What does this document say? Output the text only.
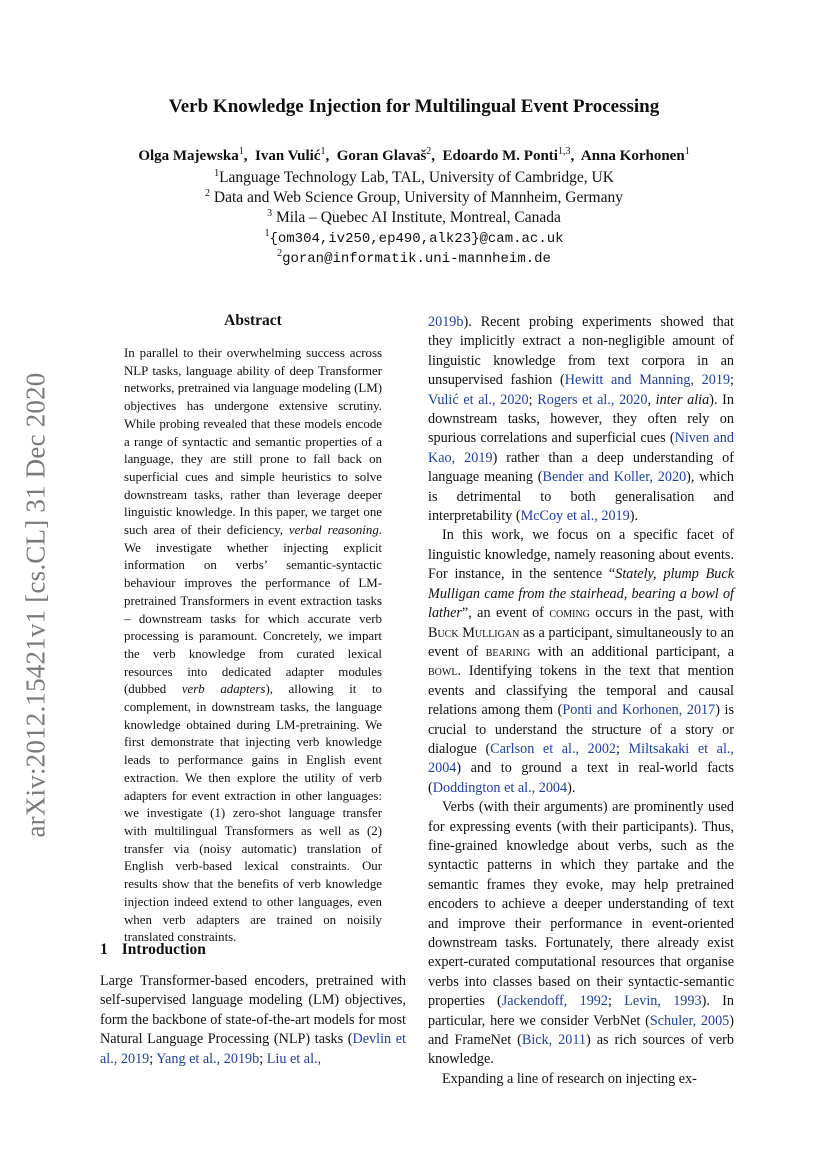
arXiv:2012.15421v1 [cs.CL] 31 Dec 2020
Verb Knowledge Injection for Multilingual Event Processing
Olga Majewska$^1$,  Ivan Vulić$^1$,  Goran Glavaš$^2$,  Edoardo M. Ponti$^{1,3}$,  Anna Korhonen$^1$
$^1$Language Technology Lab, TAL, University of Cambridge, UK
$^2$ Data and Web Science Group, University of Mannheim, Germany
$^3$ Mila – Quebec AI Institute, Montreal, Canada
$^1${om304,iv250,ep490,alk23}@cam.ac.uk
$^2$goran@informatik.uni-mannheim.de
Abstract
In parallel to their overwhelming success across NLP tasks, language ability of deep Transformer networks, pretrained via language modeling (LM) objectives has undergone extensive scrutiny. While probing revealed that these models encode a range of syntactic and semantic properties of a language, they are still prone to fall back on superficial cues and simple heuristics to solve downstream tasks, rather than leverage deeper linguistic knowledge. In this paper, we target one such area of their deficiency, verbal reasoning. We investigate whether injecting explicit information on verbs’ semantic-syntactic behaviour improves the performance of LM-pretrained Transformers in event extraction tasks – downstream tasks for which accurate verb processing is paramount. Concretely, we impart the verb knowledge from curated lexical resources into dedicated adapter modules (dubbed verb adapters), allowing it to complement, in downstream tasks, the language knowledge obtained during LM-pretraining. We first demonstrate that injecting verb knowledge leads to performance gains in English event extraction. We then explore the utility of verb adapters for event extraction in other languages: we investigate (1) zero-shot language transfer with multilingual Transformers as well as (2) transfer via (noisy automatic) translation of English verb-based lexical constraints. Our results show that the benefits of verb knowledge injection indeed extend to other languages, even when verb adapters are trained on noisily translated constraints.
1 Introduction

Large Transformer-based encoders, pretrained with self-supervised language modeling (LM) objectives, form the backbone of state-of-the-art models for most Natural Language Processing (NLP) tasks (Devlin et al., 2019; Yang et al., 2019b; Liu et al.,

2019b). Recent probing experiments showed that they implicitly extract a non-negligible amount of linguistic knowledge from text corpora in an unsupervised fashion (Hewitt and Manning, 2019; Vulić et al., 2020; Rogers et al., 2020, inter alia). In downstream tasks, however, they often rely on spurious correlations and superficial cues (Niven and Kao, 2019) rather than a deep understanding of language meaning (Bender and Koller, 2020), which is detrimental to both generalisation and interpretability (McCoy et al., 2019).

In this work, we focus on a specific facet of linguistic knowledge, namely reasoning about events. For instance, in the sentence “Stately, plump Buck Mulligan came from the stairhead, bearing a bowl of lather”, an event of coming occurs in the past, with Buck Mulligan as a participant, simultaneously to an event of bearing with an additional participant, a bowl. Identifying tokens in the text that mention events and classifying the temporal and causal relations among them (Ponti and Korhonen, 2017) is crucial to understand the structure of a story or dialogue (Carlson et al., 2002; Miltsakaki et al., 2004) and to ground a text in real-world facts (Doddington et al., 2004).

Verbs (with their arguments) are prominently used for expressing events (with their participants). Thus, fine-grained knowledge about verbs, such as the syntactic patterns in which they partake and the semantic frames they evoke, may help pretrained encoders to achieve a deeper understanding of text and improve their performance in event-oriented downstream tasks. Fortunately, there already exist expert-curated computational resources that organise verbs into classes based on their syntactic-semantic properties (Jackendoff, 1992; Levin, 1993). In particular, here we consider VerbNet (Schuler, 2005) and FrameNet (Bick, 2011) as rich sources of verb knowledge.

Expanding a line of research on injecting ex-
